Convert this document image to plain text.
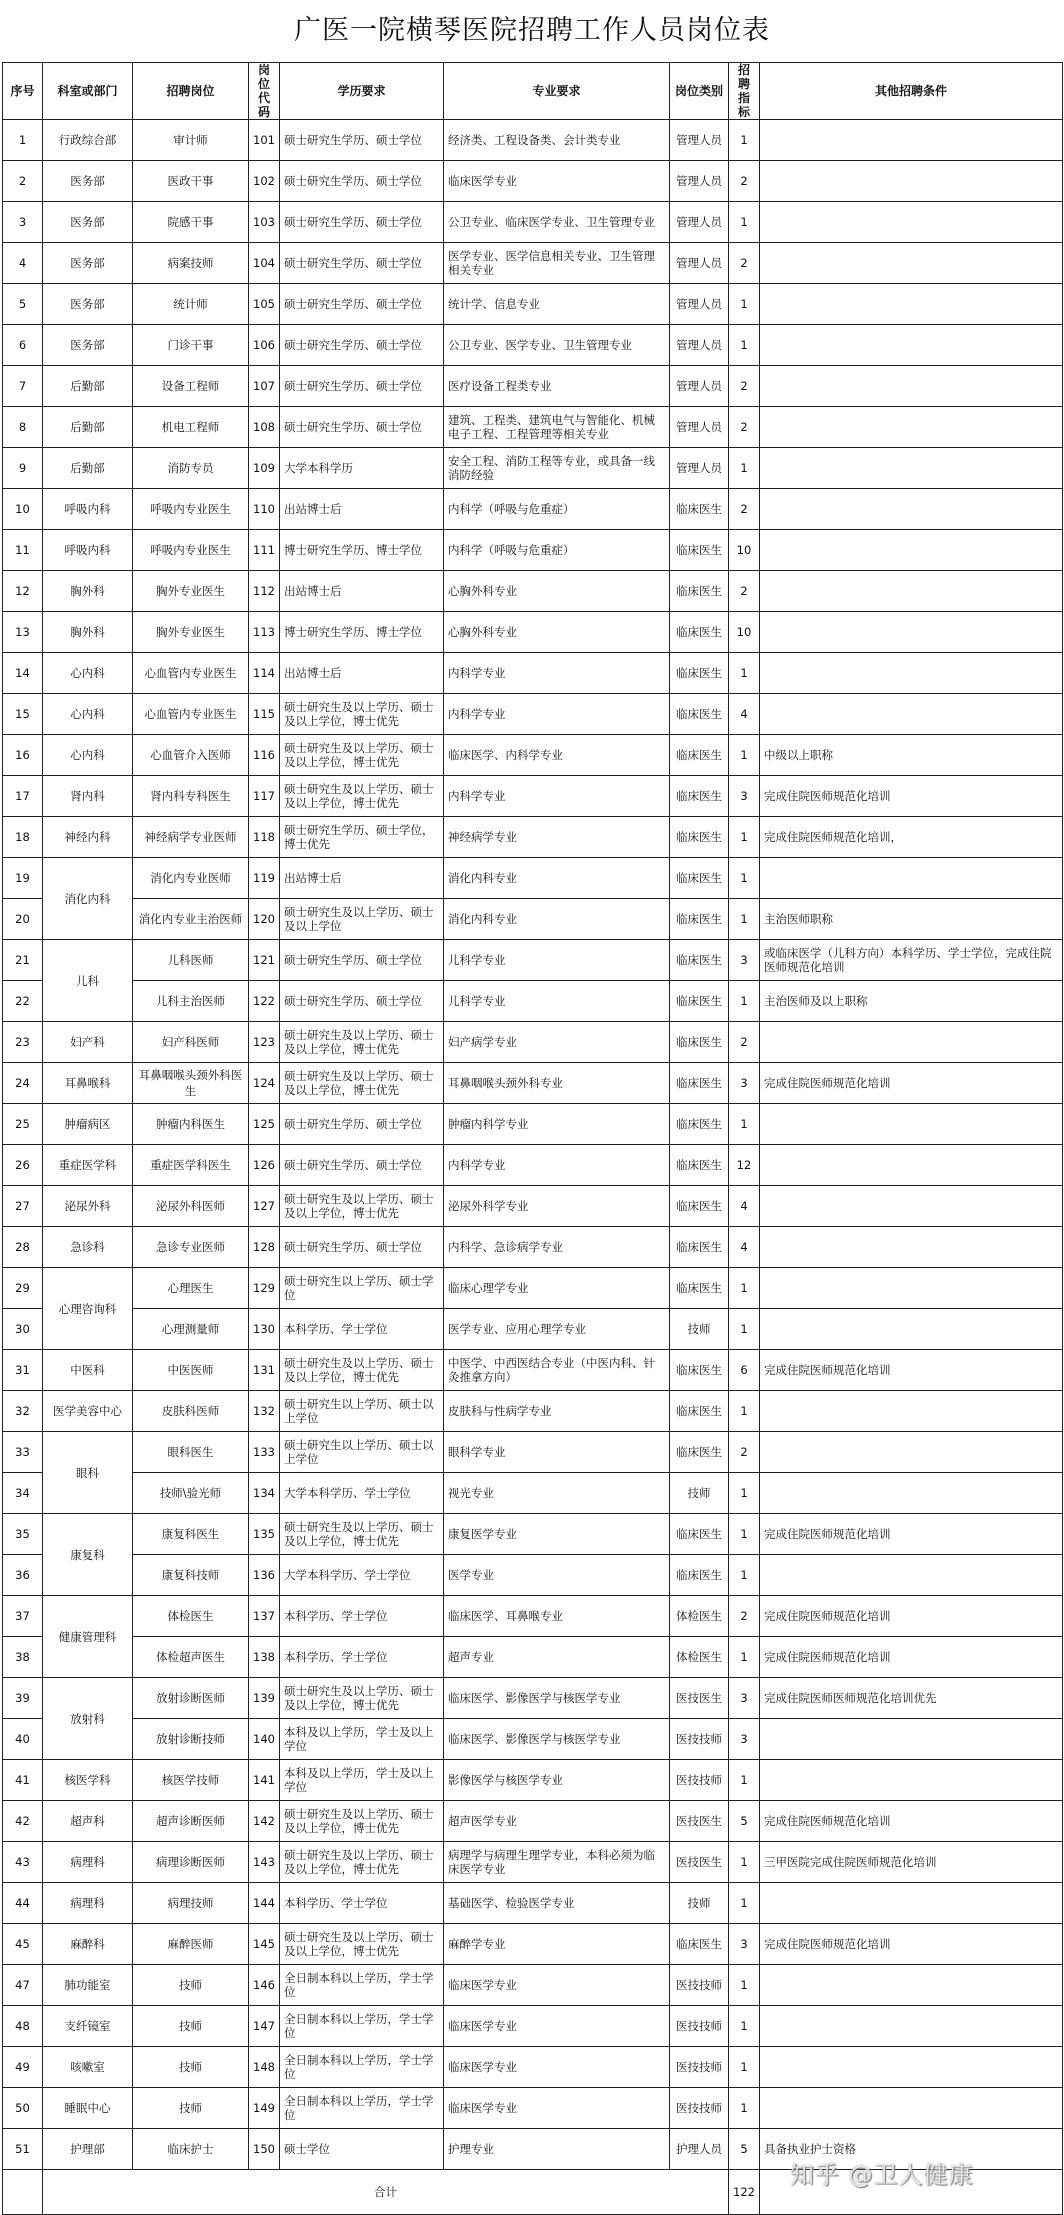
广医一院横琴医院招聘工作人员岗位表
序号	科室或部门	招聘岗位	岗位代码	学历要求	专业要求	岗位类别	招聘指标	其他招聘条件
1	行政综合部	审计师	101	硕士研究生学历、硕士学位	经济类、工程设备类、会计类专业	管理人员	1	
2	医务部	医政干事	102	硕士研究生学历、硕士学位	临床医学专业	管理人员	2	
3	医务部	院感干事	103	硕士研究生学历、硕士学位	公卫专业、临床医学专业、卫生管理专业	管理人员	1	
4	医务部	病案技师	104	硕士研究生学历、硕士学位	医学专业、医学信息相关专业、卫生管理相关专业	管理人员	2	
5	医务部	统计师	105	硕士研究生学历、硕士学位	统计学、信息专业	管理人员	1	
6	医务部	门诊干事	106	硕士研究生学历、硕士学位	公卫专业、医学专业、卫生管理专业	管理人员	1	
7	后勤部	设备工程师	107	硕士研究生学历、硕士学位	医疗设备工程类专业	管理人员	2	
8	后勤部	机电工程师	108	硕士研究生学历、硕士学位	建筑、工程类、建筑电气与智能化、机械电子工程、工程管理等相关专业	管理人员	2	
9	后勤部	消防专员	109	大学本科学历	安全工程、消防工程等专业，或具备一线消防经验	管理人员	1	
10	呼吸内科	呼吸内专业医生	110	出站博士后	内科学（呼吸与危重症）	临床医生	2	
11	呼吸内科	呼吸内专业医生	111	博士研究生学历、博士学位	内科学（呼吸与危重症）	临床医生	10	
12	胸外科	胸外专业医生	112	出站博士后	心胸外科专业	临床医生	2	
13	胸外科	胸外专业医生	113	博士研究生学历、博士学位	心胸外科专业	临床医生	10	
14	心内科	心血管内专业医生	114	出站博士后	内科学专业	临床医生	1	
15	心内科	心血管内专业医生	115	硕士研究生及以上学历、硕士及以上学位，博士优先	内科学专业	临床医生	4	
16	心内科	心血管介入医师	116	硕士研究生及以上学历、硕士及以上学位，博士优先	临床医学、内科学专业	临床医生	1	中级以上职称
17	肾内科	肾内科专科医生	117	硕士研究生及以上学历、硕士及以上学位，博士优先	内科学专业	临床医生	3	完成住院医师规范化培训
18	神经内科	神经病学专业医师	118	硕士研究生学历、硕士学位，博士优先	神经病学专业	临床医生	1	完成住院医师规范化培训，
19	消化内科	消化内专业医师	119	出站博士后	消化内科专业	临床医生	1	
20		消化内专业主治医师	120	硕士研究生及以上学历、硕士及以上学位	消化内科专业	临床医生	1	主治医师职称
21	儿科	儿科医师	121	硕士研究生学历、硕士学位	儿科学专业	临床医生	3	或临床医学（儿科方向）本科学历、学士学位，完成住院医师规范化培训
22		儿科主治医师	122	硕士研究生学历、硕士学位	儿科学专业	临床医生	1	主治医师及以上职称
23	妇产科	妇产科医师	123	硕士研究生及以上学历、硕士及以上学位，博士优先	妇产病学专业	临床医生	2	
24	耳鼻喉科	耳鼻咽喉头颈外科医生	124	硕士研究生及以上学历、硕士及以上学位，博士优先	耳鼻咽喉头颈外科专业	临床医生	3	完成住院医师规范化培训
25	肿瘤病区	肿瘤内科医生	125	硕士研究生学历、硕士学位	肿瘤内科学专业	临床医生	1	
26	重症医学科	重症医学科医生	126	硕士研究生学历、硕士学位	内科学专业	临床医生	12	
27	泌尿外科	泌尿外科医师	127	硕士研究生及以上学历、硕士及以上学位，博士优先	泌尿外科学专业	临床医生	4	
28	急诊科	急诊专业医师	128	硕士研究生学历、硕士学位	内科学、急诊病学专业	临床医生	4	
29	心理咨询科	心理医生	129	硕士研究生以上学历、硕士学位	临床心理学专业	临床医生	1	
30		心理测量师	130	本科学历、学士学位	医学专业、应用心理学专业	技师	1	
31	中医科	中医医师	131	硕士研究生及以上学历、硕士及以上学位，博士优先	中医学、中西医结合专业（中医内科、针灸推拿方向）	临床医生	6	完成住院医师规范化培训
32	医学美容中心	皮肤科医师	132	硕士研究生以上学历、硕士以上学位	皮肤科与性病学专业	临床医生	1	
33	眼科	眼科医生	133	硕士研究生以上学历、硕士以上学位	眼科学专业	临床医生	2	
34		技师\验光师	134	大学本科学历、学士学位	视光专业	技师	1	
35	康复科	康复科医生	135	硕士研究生及以上学历、硕士及以上学位，博士优先	康复医学专业	临床医生	1	完成住院医师规范化培训
36		康复科技师	136	大学本科学历、学士学位	医学专业	临床医生	1	
37	健康管理科	体检医生	137	本科学历、学士学位	临床医学、耳鼻喉专业	体检医生	2	完成住院医师规范化培训
38		体检超声医生	138	本科学历、学士学位	超声专业	体检医生	1	完成住院医师规范化培训
39	放射科	放射诊断医师	139	硕士研究生及以上学历、硕士及以上学位，博士优先	临床医学、影像医学与核医学专业	医技医生	3	完成住院医师医师规范化培训优先
40		放射诊断技师	140	本科及以上学历，学士及以上学位	临床医学、影像医学与核医学专业	医技技师	3	
41	核医学科	核医学技师	141	本科及以上学历，学士及以上学位	影像医学与核医学专业	医技技师	1	
42	超声科	超声诊断医师	142	硕士研究生及以上学历、硕士及以上学位，博士优先	超声医学专业	医技医生	5	完成住院医师规范化培训
43	病理科	病理诊断医师	143	硕士研究生及以上学历、硕士及以上学位，博士优先	病理学与病理生理学专业，本科必须为临床医学专业	医技医生	1	三甲医院完成住院医师规范化培训
44	病理科	病理技师	144	本科学历、学士学位	基础医学、检验医学专业	技师	1	
45	麻醉科	麻醉医师	145	硕士研究生及以上学历、硕士及以上学位，博士优先	麻醉学专业	临床医生	3	完成住院医师规范化培训
47	肺功能室	技师	146	全日制本科以上学历，学士学位	临床医学专业	医技技师	1	
48	支纤镜室	技师	147	全日制本科以上学历，学士学位	临床医学专业	医技技师	1	
49	咳嗽室	技师	148	全日制本科以上学历，学士学位	临床医学专业	医技技师	1	
50	睡眠中心	技师	149	全日制本科以上学历，学士学位	临床医学专业	医技技师	1	
51	护理部	临床护士	150	硕士学位	护理专业	护理人员	5	具备执业护士资格
	合计						122	
知乎 @卫人健康
